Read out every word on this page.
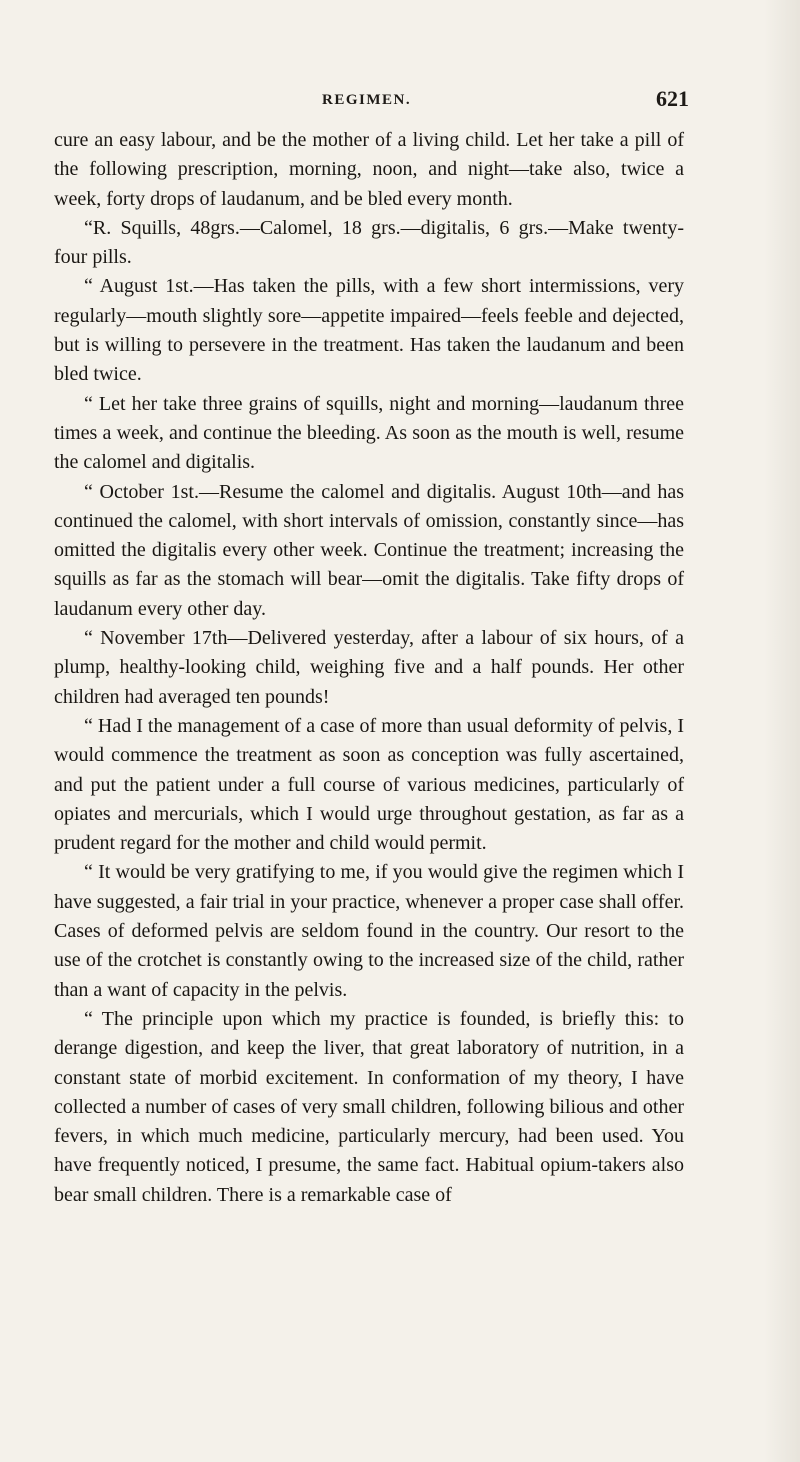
REGIMEN.	621

cure an easy labour, and be the mother of a living child. Let her take a pill of the following prescription, morning, noon, and night—take also, twice a week, forty drops of laudanum, and be bled every month.

“R. Squills, 48grs.—Calomel, 18 grs.—digitalis, 6 grs.—Make twenty-four pills.

“ August 1st.—Has taken the pills, with a few short intermissions, very regularly—mouth slightly sore—appetite impaired—feels feeble and dejected, but is willing to persevere in the treatment. Has taken the laudanum and been bled twice.

“ Let her take three grains of squills, night and morning—laudanum three times a week, and continue the bleeding. As soon as the mouth is well, resume the calomel and digitalis.

“ October 1st.—Resume the calomel and digitalis. August 10th—and has continued the calomel, with short intervals of omission, constantly since—has omitted the digitalis every other week. Continue the treatment; increasing the squills as far as the stomach will bear—omit the digitalis. Take fifty drops of laudanum every other day.

“ November 17th—Delivered yesterday, after a labour of six hours, of a plump, healthy-looking child, weighing five and a half pounds. Her other children had averaged ten pounds!

“ Had I the management of a case of more than usual deformity of pelvis, I would commence the treatment as soon as conception was fully ascertained, and put the patient under a full course of various medicines, particularly of opiates and mercurials, which I would urge throughout gestation, as far as a prudent regard for the mother and child would permit.

“ It would be very gratifying to me, if you would give the regimen which I have suggested, a fair trial in your practice, whenever a proper case shall offer. Cases of deformed pelvis are seldom found in the country. Our resort to the use of the crotchet is constantly owing to the increased size of the child, rather than a want of capacity in the pelvis.

“ The principle upon which my practice is founded, is briefly this: to derange digestion, and keep the liver, that great laboratory of nutrition, in a constant state of morbid excitement. In conformation of my theory, I have collected a number of cases of very small children, following bilious and other fevers, in which much medicine, particularly mercury, had been used. You have frequently noticed, I presume, the same fact. Habitual opium-takers also bear small children. There is a remarkable case of
